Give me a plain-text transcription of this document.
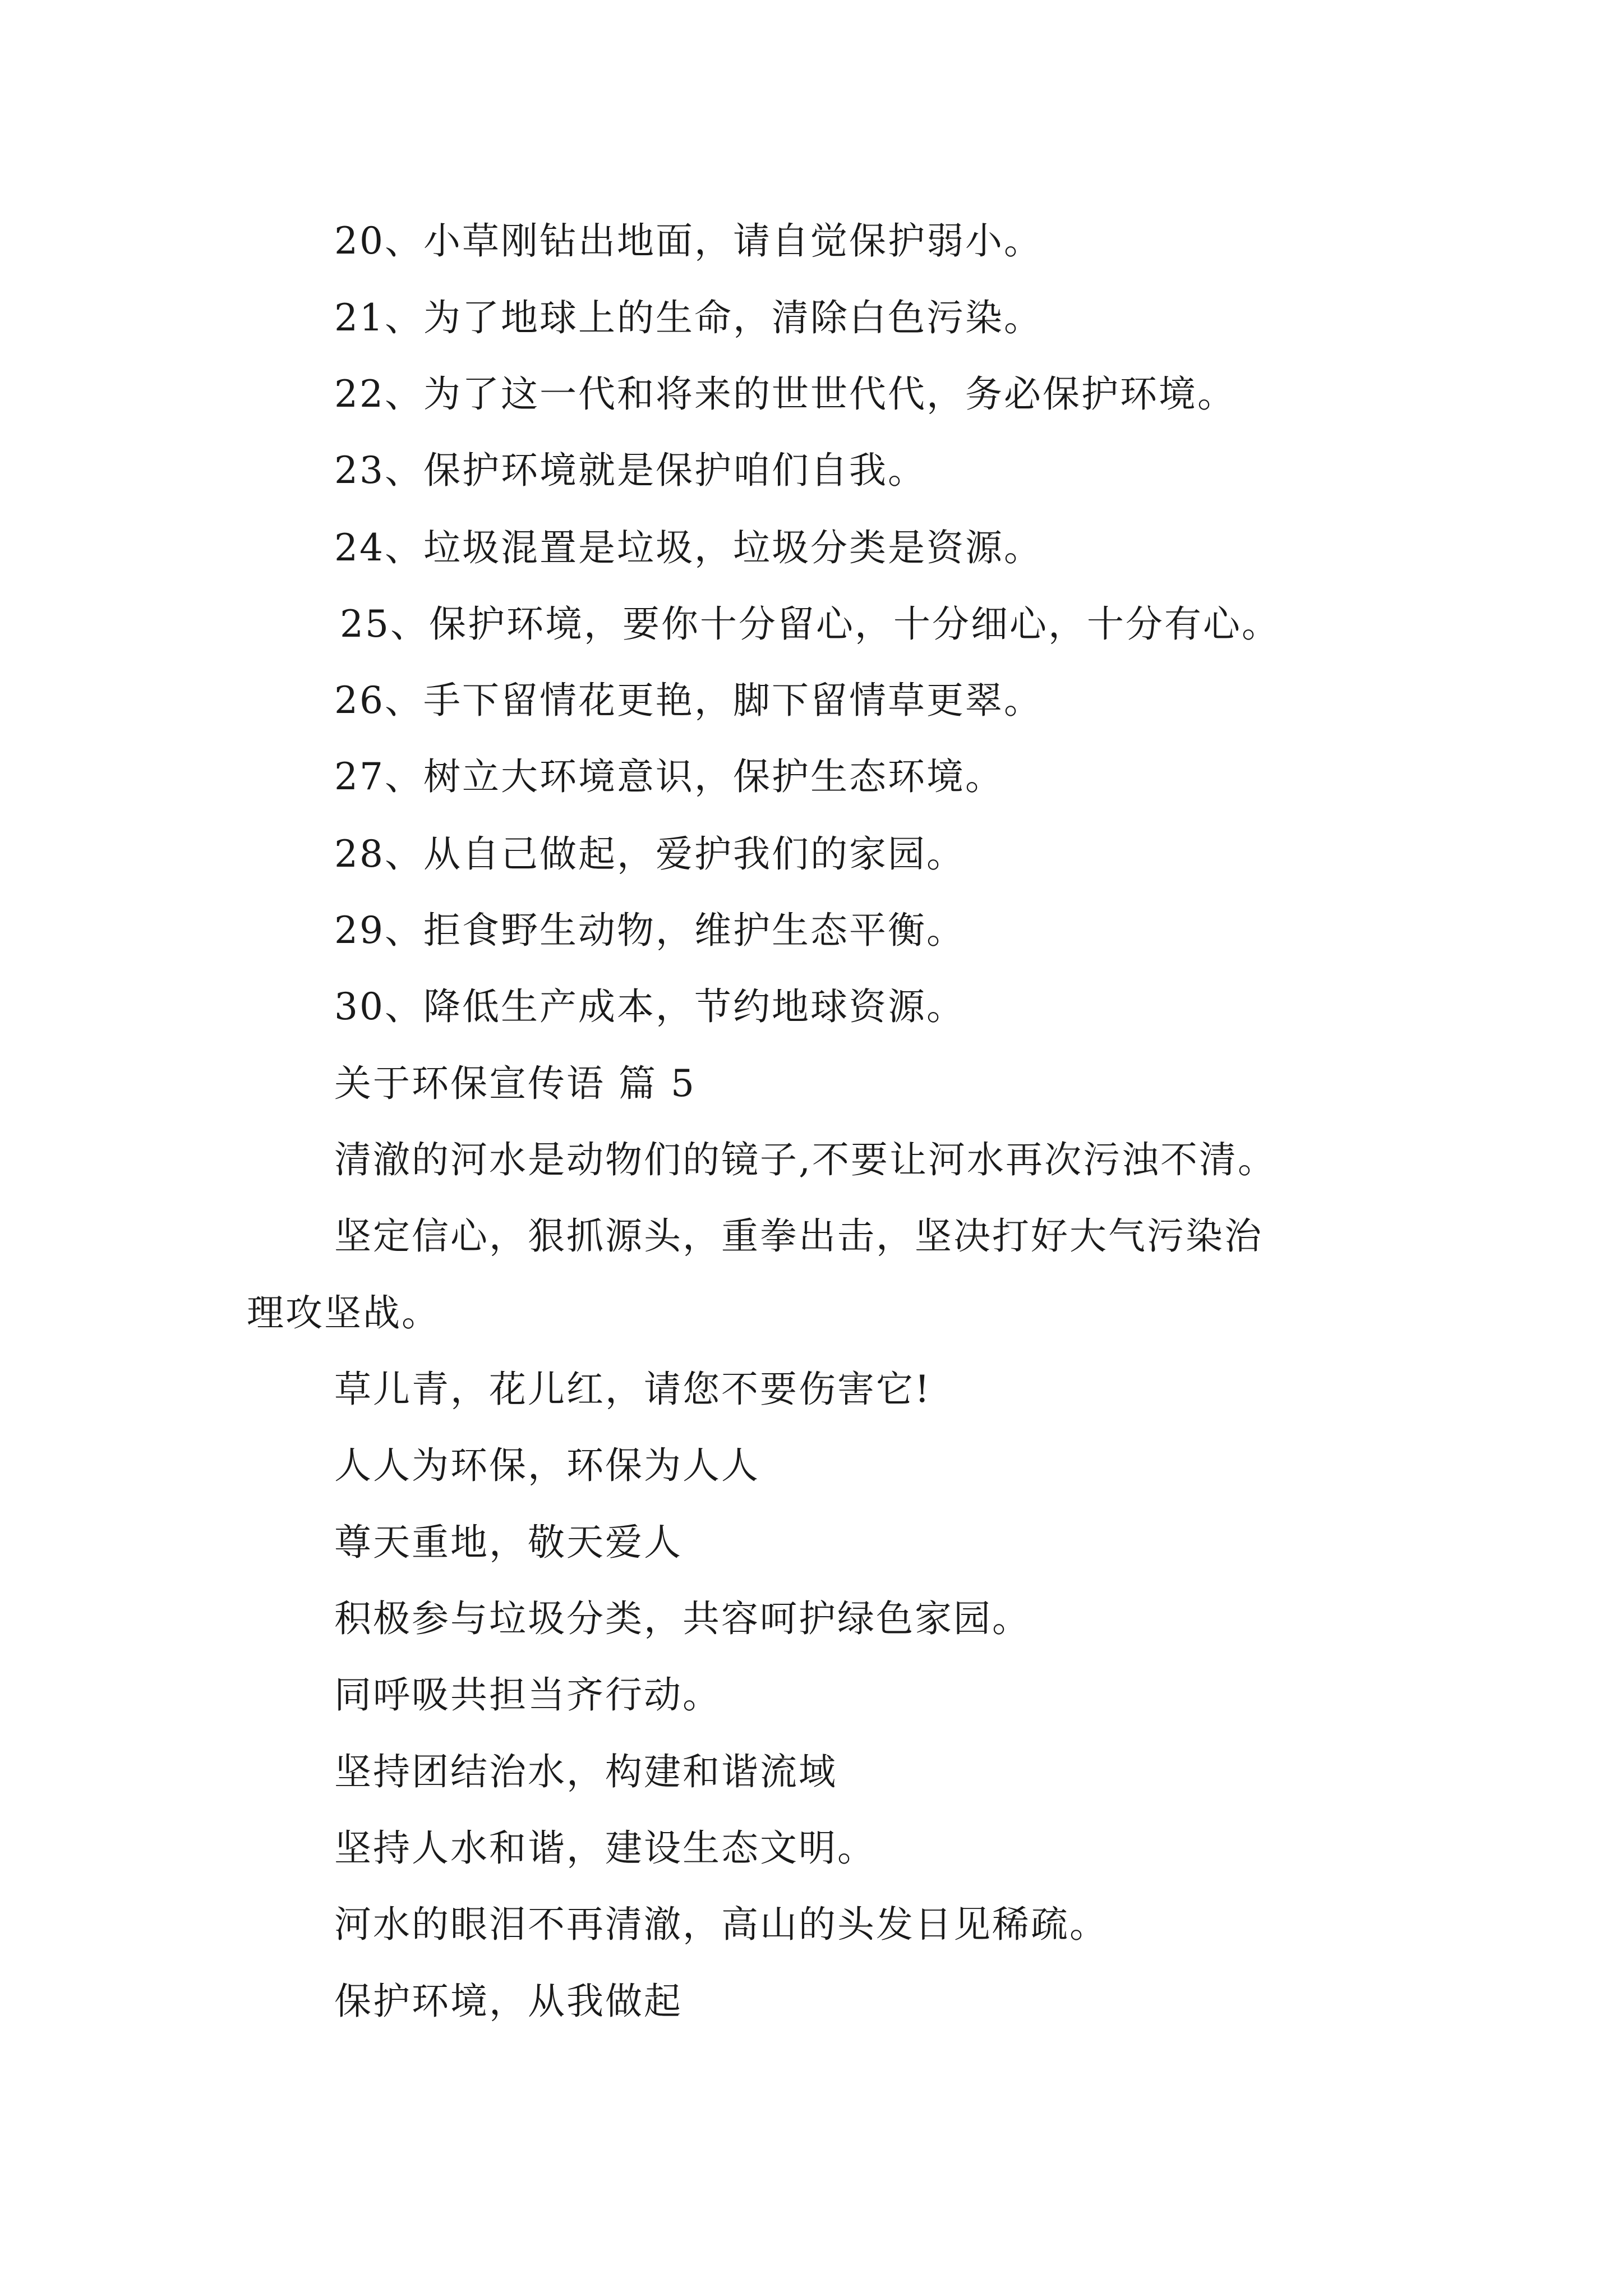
20、小草刚钻出地面，请自觉保护弱小。
21、为了地球上的生命，清除白色污染。
22、为了这一代和将来的世世代代，务必保护环境。
23、保护环境就是保护咱们自我。
24、垃圾混置是垃圾，垃圾分类是资源。
25、保护环境，要你十分留心，十分细心，十分有心。
26、手下留情花更艳，脚下留情草更翠。
27、树立大环境意识，保护生态环境。
28、从自己做起，爱护我们的家园。
29、拒食野生动物，维护生态平衡。
30、降低生产成本，节约地球资源。
关于环保宣传语 篇 5
清澈的河水是动物们的镜子,不要让河水再次污浊不清。
坚定信心，狠抓源头，重拳出击，坚决打好大气污染治
理攻坚战。
草儿青，花儿红，请您不要伤害它!
人人为环保，环保为人人
尊天重地，敬天爱人
积极参与垃圾分类，共容呵护绿色家园。
同呼吸共担当齐行动。
坚持团结治水，构建和谐流域
坚持人水和谐，建设生态文明。
河水的眼泪不再清澈，高山的头发日见稀疏。
保护环境，从我做起
